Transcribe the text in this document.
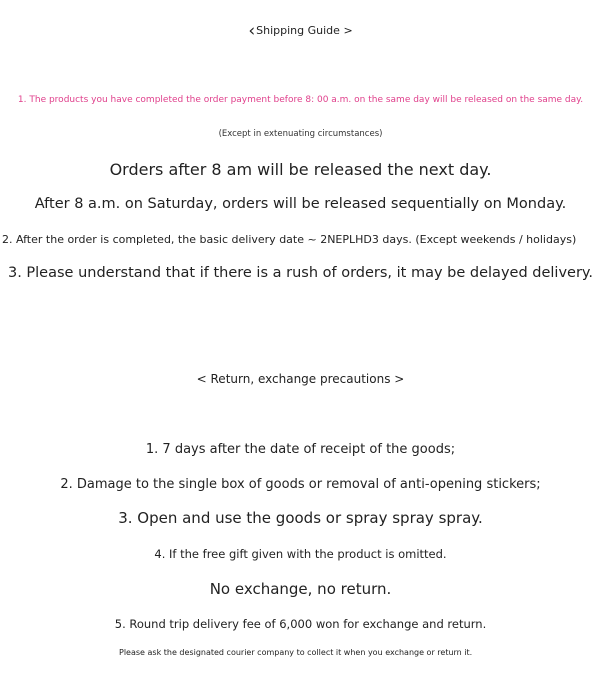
‹Shipping Guide >
1. The products you have completed the order payment before 8: 00 a.m. on the same day will be released on the same day.
(Except in extenuating circumstances)
Orders after 8 am will be released the next day.
After 8 a.m. on Saturday, orders will be released sequentially on Monday.
2. After the order is completed, the basic delivery date ~ 2NEPLHD3 days. (Except weekends / holidays)
3. Please understand that if there is a rush of orders, it may be delayed delivery.
< Return, exchange precautions >
1. 7 days after the date of receipt of the goods;
2. Damage to the single box of goods or removal of anti-opening stickers;
3. Open and use the goods or spray spray spray.
4. If the free gift given with the product is omitted.
No exchange, no return.
5. Round trip delivery fee of 6,000 won for exchange and return.
Please ask the designated courier company to collect it when you exchange or return it.
